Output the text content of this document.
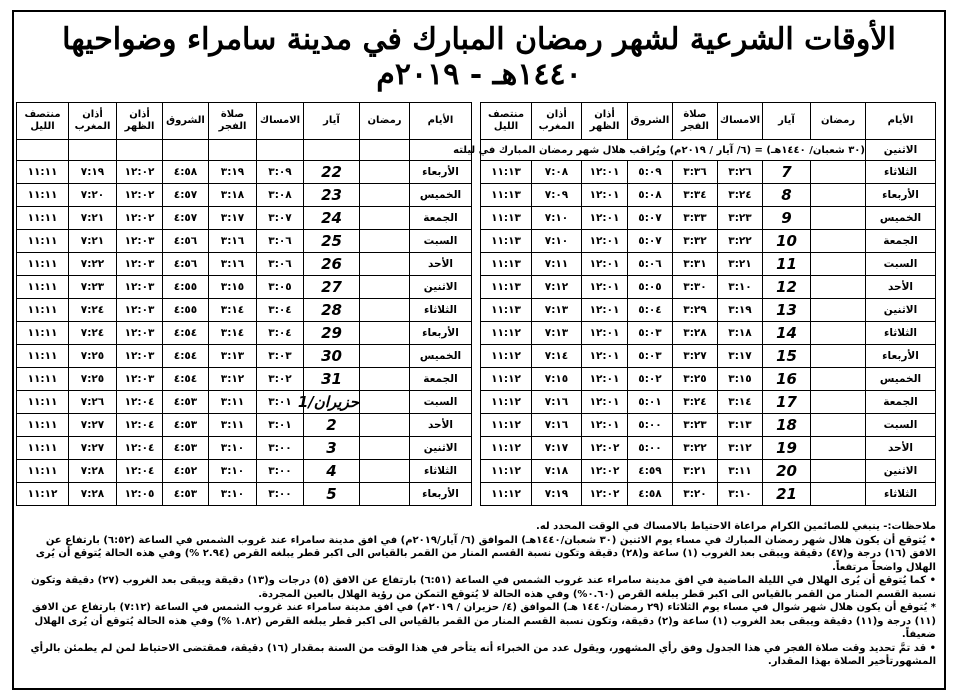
الأوقات الشرعية لشهر رمضان المبارك في مدينة سامراء وضواحيها ١٤٤٠هـ - ٢٠١٩م
الأيام	رمضان	آيار	الامساك	صلاة الفجر	الشروق	أذان الظهر	أذان المغرب	منتصف الليل
الاثنين	(٣٠ شعبان/ ١٤٤٠هـ) = (٦/ آيار / ٢٠١٩م) ويُراقب هلال شهر رمضان المبارك في ليلته							
الثلاثاء		7	٣:٢٦	٣:٣٦	٥:٠٩	١٢:٠١	٧:٠٨	١١:١٣
الأربعاء		8	٣:٢٤	٣:٣٤	٥:٠٨	١٢:٠١	٧:٠٩	١١:١٣
الخميس		9	٣:٢٣	٣:٣٣	٥:٠٧	١٢:٠١	٧:١٠	١١:١٣
الجمعة		10	٣:٢٢	٣:٣٢	٥:٠٧	١٢:٠١	٧:١٠	١١:١٣
السبت		11	٣:٢١	٣:٣١	٥:٠٦	١٢:٠١	٧:١١	١١:١٣
الأحد		12	٣:١٠	٣:٣٠	٥:٠٥	١٢:٠١	٧:١٢	١١:١٣
الاثنين		13	٣:١٩	٣:٢٩	٥:٠٤	١٢:٠١	٧:١٣	١١:١٣
الثلاثاء		14	٣:١٨	٣:٢٨	٥:٠٣	١٢:٠١	٧:١٣	١١:١٢
الأربعاء		15	٣:١٧	٣:٢٧	٥:٠٣	١٢:٠١	٧:١٤	١١:١٢
الخميس		16	٣:١٥	٣:٢٥	٥:٠٢	١٢:٠١	٧:١٥	١١:١٢
الجمعة		17	٣:١٤	٣:٢٤	٥:٠١	١٢:٠١	٧:١٦	١١:١٢
السبت		18	٣:١٣	٣:٢٣	٥:٠٠	١٢:٠١	٧:١٦	١١:١٢
الأحد		19	٣:١٢	٣:٢٢	٥:٠٠	١٢:٠٢	٧:١٧	١١:١٢
الاثنين		20	٣:١١	٣:٢١	٤:٥٩	١٢:٠٢	٧:١٨	١١:١٢
الثلاثاء		21	٣:١٠	٣:٢٠	٤:٥٨	١٢:٠٢	٧:١٩	١١:١٢
الأيام	رمضان	آيار	الامساك	صلاة الفجر	الشروق	أذان الظهر	أذان المغرب	منتصف الليل

الأربعاء		22	٣:٠٩	٣:١٩	٤:٥٨	١٢:٠٢	٧:١٩	١١:١١
الخميس		23	٣:٠٨	٣:١٨	٤:٥٧	١٢:٠٢	٧:٢٠	١١:١١
الجمعة		24	٣:٠٧	٣:١٧	٤:٥٧	١٢:٠٢	٧:٢١	١١:١١
السبت		25	٣:٠٦	٣:١٦	٤:٥٦	١٢:٠٣	٧:٢١	١١:١١
الأحد		26	٣:٠٦	٣:١٦	٤:٥٦	١٢:٠٣	٧:٢٢	١١:١١
الاثنين		27	٣:٠٥	٣:١٥	٤:٥٥	١٢:٠٣	٧:٢٣	١١:١١
الثلاثاء		28	٣:٠٤	٣:١٤	٤:٥٥	١٢:٠٣	٧:٢٤	١١:١١
الأربعاء		29	٣:٠٤	٣:١٤	٤:٥٤	١٢:٠٣	٧:٢٤	١١:١١
الخميس		30	٣:٠٣	٣:١٣	٤:٥٤	١٢:٠٣	٧:٢٥	١١:١١
الجمعة		31	٣:٠٢	٣:١٢	٤:٥٤	١٢:٠٣	٧:٢٥	١١:١١
السبت		حزيران/1	٣:٠١	٣:١١	٤:٥٣	١٢:٠٤	٧:٢٦	١١:١١
الأحد		2	٣:٠١	٣:١١	٤:٥٣	١٢:٠٤	٧:٢٧	١١:١١
الاثنين		3	٣:٠٠	٣:١٠	٤:٥٣	١٢:٠٤	٧:٢٧	١١:١١
الثلاثاء		4	٣:٠٠	٣:١٠	٤:٥٢	١٢:٠٤	٧:٢٨	١١:١١
الأربعاء		5	٣:٠٠	٣:١٠	٤:٥٣	١٢:٠٥	٧:٢٨	١١:١٢

ملاحظات:- ينبغي للصائمين الكرام مراعاة الاحتياط بالامساك في الوقت المحدد له.

• يُتوقع أن يكون هلال شهر رمضان المبارك في مساء يوم الاثنين (٣٠ شعبان/١٤٤٠هـ) الموافق (٦/ آيار/٢٠١٩م) في افق مدينة سامراء عند غروب الشمس في الساعة (٦:٥٢) بارتفاع عن الافق (١٦) درجة و(٤٧) دقيقة ويبقى بعد الغروب (١) ساعة و(٢٨) دقيقة وتكون نسبة القسم المنار من القمر بالقياس الى اكبر قطر يبلغه القرص (٢.٩٤ %) وفي هذه الحالة يُتوقع أن يُرى الهلال واضحاً مرتفعاً.

• كما يُتوقع أن يُرى الهلال في الليلة الماضية في افق مدينة سامراء عند غروب الشمس في الساعة (٦:٥١) بارتفاع عن الافق (٥) درجات و(١٣) دقيقة ويبقى بعد الغروب (٢٧) دقيقة وتكون نسبة القسم المنار من القمر بالقياس الى اكبر قطر يبلغه القرص (٠.٦٠%) وفي هذه الحالة لا يُتوقع التمكن من رؤية الهلال بالعين المجردة.

* يُتوقع أن يكون هلال شهر شوال في مساء يوم الثلاثاء (٢٩ رمضان/١٤٤٠ هـ) الموافق (٤/ حزيران / ٢٠١٩م) في افق مدينة سامراء عند غروب الشمس في الساعة (٧:١٢) بارتفاع عن الافق (١١) درجة و(١١) دقيقة ويبقى بعد الغروب (١) ساعة و(٢) دقيقة، وتكون نسبة القسم المنار من القمر بالقياس الى اكبر قطر يبلغه القرص (١.٨٢ %) وفي هذه الحالة يُتوقع أن يُرى الهلال ضعيفاً.

• قد تمَّ تحديد وقت صلاة الفجر في هذا الجدول وفق رأي المشهور، ويقول عدد من الخبراء أنه يتأخر في هذا الوقت من السنة بمقدار (١٦) دقيقة، فمقتضى الاحتياط لمن لم يطمئن بالرأي المشهورتأخير الصلاة بهذا المقدار.
